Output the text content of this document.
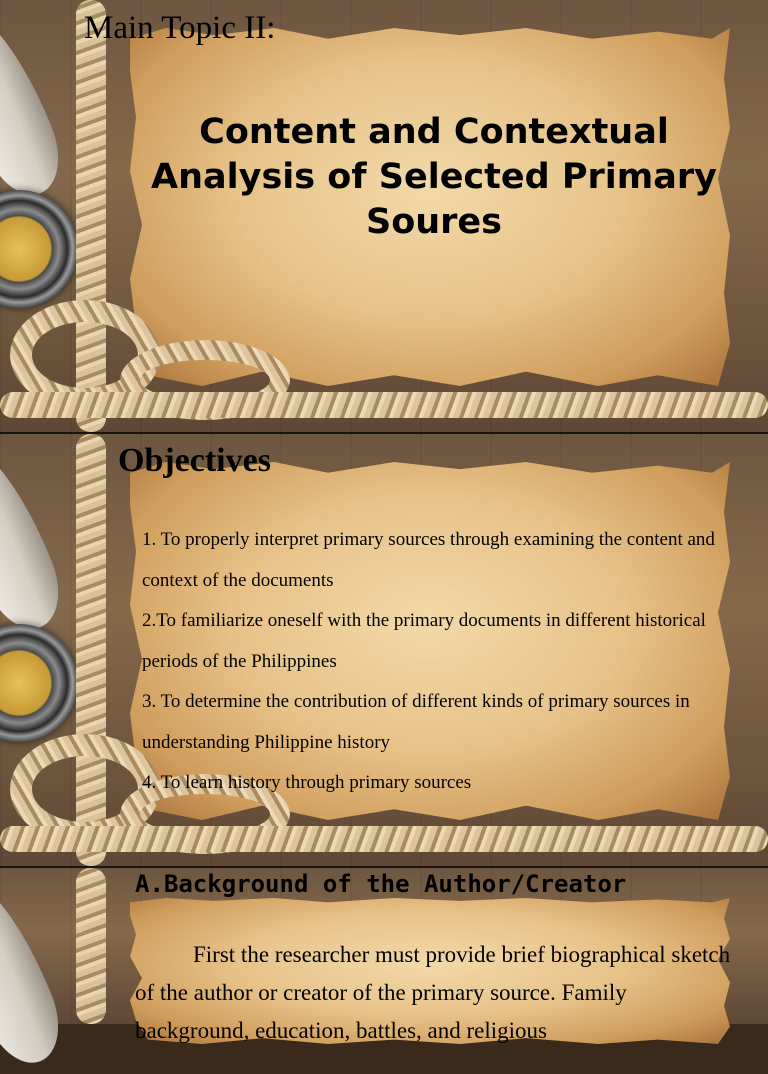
Main Topic II:
Content and Contextual Analysis of Selected Primary Soures
Objectives
1. To properly interpret primary sources through examining the content and context of the documents
2.To familiarize oneself with the primary documents in different historical periods of the Philippines
3. To determine the contribution of different kinds of primary sources in understanding Philippine history
4. To learn history through primary sources
A.Background of the Author/Creator

First the researcher must provide brief biographical sketch of the author or creator of the primary source. Family background, education, battles, and religious
